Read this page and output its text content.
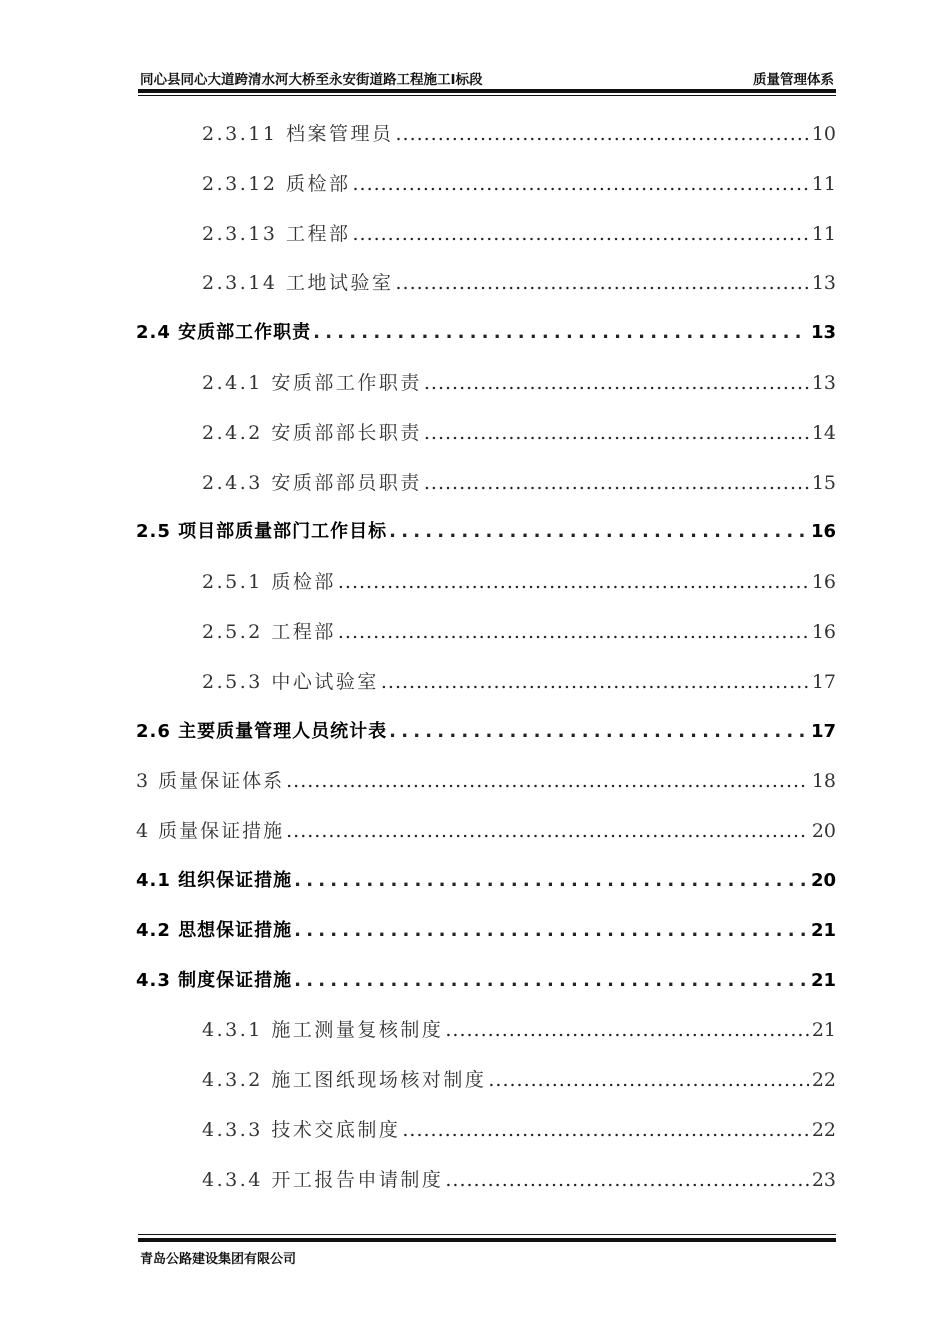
同心县同心大道跨清水河大桥至永安街道路工程施工Ⅰ标段	质量管理体系
2.3.11 档案管理员 .....	10
2.3.12 质检部 .....	11
2.3.13 工程部 .....	11
2.3.14 工地试验室 .....	13
2.4 安质部工作职责 .....	13
2.4.1 安质部工作职责 .....	13
2.4.2 安质部部长职责 .....	14
2.4.3 安质部部员职责 .....	15
2.5 项目部质量部门工作目标 .....	16
2.5.1 质检部 .....	16
2.5.2 工程部 .....	16
2.5.3 中心试验室 .....	17
2.6 主要质量管理人员统计表 .....	17
3 质量保证体系 .....	18
4 质量保证措施 .....	20
4.1 组织保证措施 .....	20
4.2 思想保证措施 .....	21
4.3 制度保证措施 .....	21
4.3.1 施工测量复核制度 .....	21
4.3.2 施工图纸现场核对制度 .....	22
4.3.3 技术交底制度 .....	22
4.3.4 开工报告申请制度 .....	23
青岛公路建设集团有限公司
